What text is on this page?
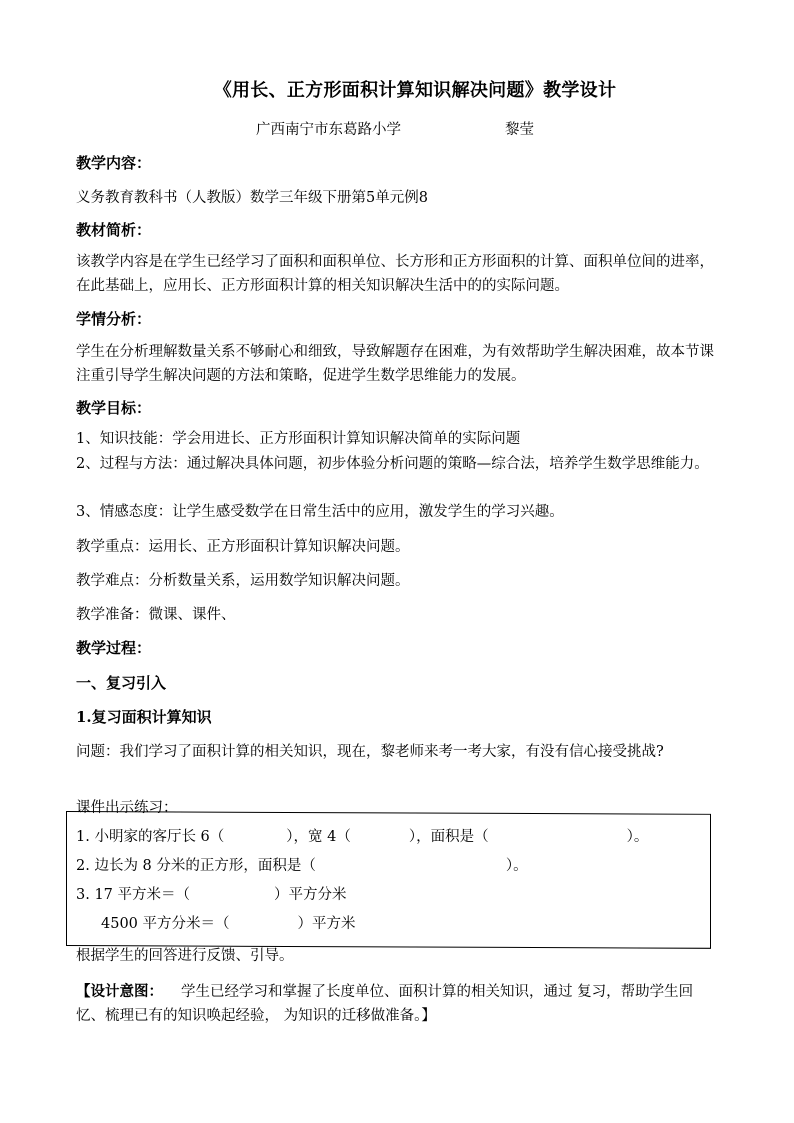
《用长、正方形面积计算知识解决问题》教学设计
广西南宁市东葛路小学	黎莹
教学内容：
义务教育教科书（人教版）数学三年级下册第5单元例8
教材简析：
该教学内容是在学生已经学习了面积和面积单位、长方形和正方形面积的计算、面积单位间的进率，在此基础上，应用长、正方形面积计算的相关知识解决生活中的的实际问题。
学情分析：
学生在分析理解数量关系不够耐心和细致，导致解题存在困难，为有效帮助学生解决困难，故本节课注重引导学生解决问题的方法和策略，促进学生数学思维能力的发展。
教学目标：
1、知识技能：学会用进长、正方形面积计算知识解决简单的实际问题
2、过程与方法：通过解决具体问题，初步体验分析问题的策略—综合法，培养学生数学思维能力。
3、情感态度：让学生感受数学在日常生活中的应用，激发学生的学习兴趣。
教学重点：运用长、正方形面积计算知识解决问题。
教学难点：分析数量关系，运用数学知识解决问题。
教学准备：微课、课件、
教学过程：
一、复习引入
1.复习面积计算知识
问题：我们学习了面积计算的相关知识，现在，黎老师来考一考大家，有没有信心接受挑战?
课件出示练习：
1. 小明家的客厅长 6（	），宽 4（	），面积是（	）。
2. 边长为 8 分米的正方形，面积是（	）。
3. 17 平方米＝（	）平方分米
4500 平方分米＝（	）平方米
根据学生的回答进行反馈、引导。
【设计意图： 学生已经学习和掌握了长度单位、面积计算的相关知识，通过 复习，帮助学生回忆、梳理已有的知识唤起经验， 为知识的迁移做准备。】
